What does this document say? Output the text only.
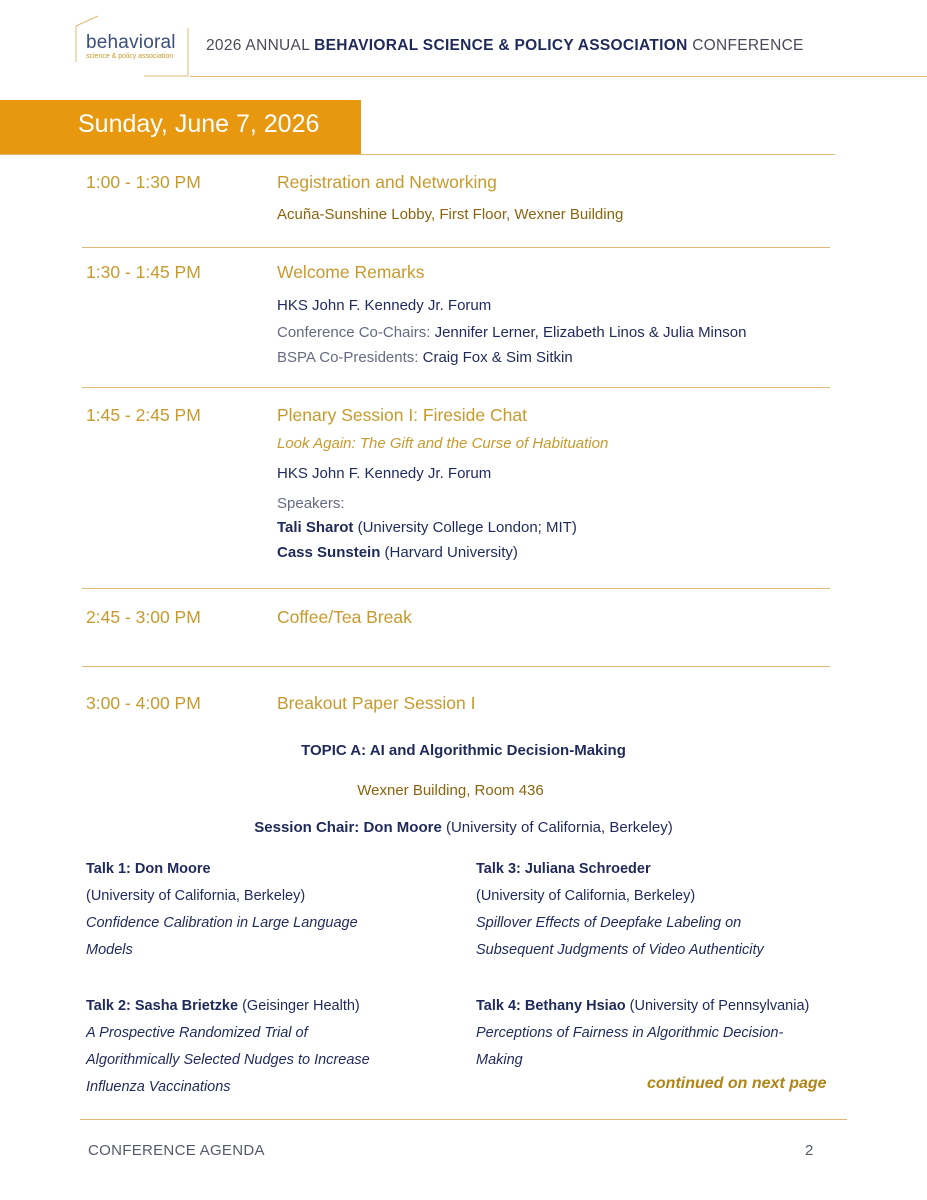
behavioral
science & policy association
2026 ANNUAL BEHAVIORAL SCIENCE & POLICY ASSOCIATION CONFERENCE
Sunday, June 7, 2026
1:00 - 1:30 PM	Registration and Networking
Acuña-Sunshine Lobby, First Floor, Wexner Building
1:30 - 1:45 PM	Welcome Remarks
HKS John F. Kennedy Jr. Forum
Conference Co-Chairs: Jennifer Lerner, Elizabeth Linos & Julia Minson
BSPA Co-Presidents: Craig Fox & Sim Sitkin
1:45 - 2:45 PM	Plenary Session I: Fireside Chat
Look Again: The Gift and the Curse of Habituation
HKS John F. Kennedy Jr. Forum
Speakers:
Tali Sharot (University College London; MIT)
Cass Sunstein (Harvard University)
2:45 - 3:00 PM	Coffee/Tea Break
3:00 - 4:00 PM	Breakout Paper Session I
TOPIC A: AI and Algorithmic Decision-Making
Wexner Building, Room 436
Session Chair: Don Moore (University of California, Berkeley)
Talk 1: Don Moore
(University of California, Berkeley)
Confidence Calibration in Large Language
Models
Talk 2: Sasha Brietzke (Geisinger Health)
A Prospective Randomized Trial of
Algorithmically Selected Nudges to Increase
Influenza Vaccinations
Talk 3: Juliana Schroeder
(University of California, Berkeley)
Spillover Effects of Deepfake Labeling on
Subsequent Judgments of Video Authenticity
Talk 4: Bethany Hsiao (University of Pennsylvania)
Perceptions of Fairness in Algorithmic Decision-
Making
continued on next page
CONFERENCE AGENDA	2
